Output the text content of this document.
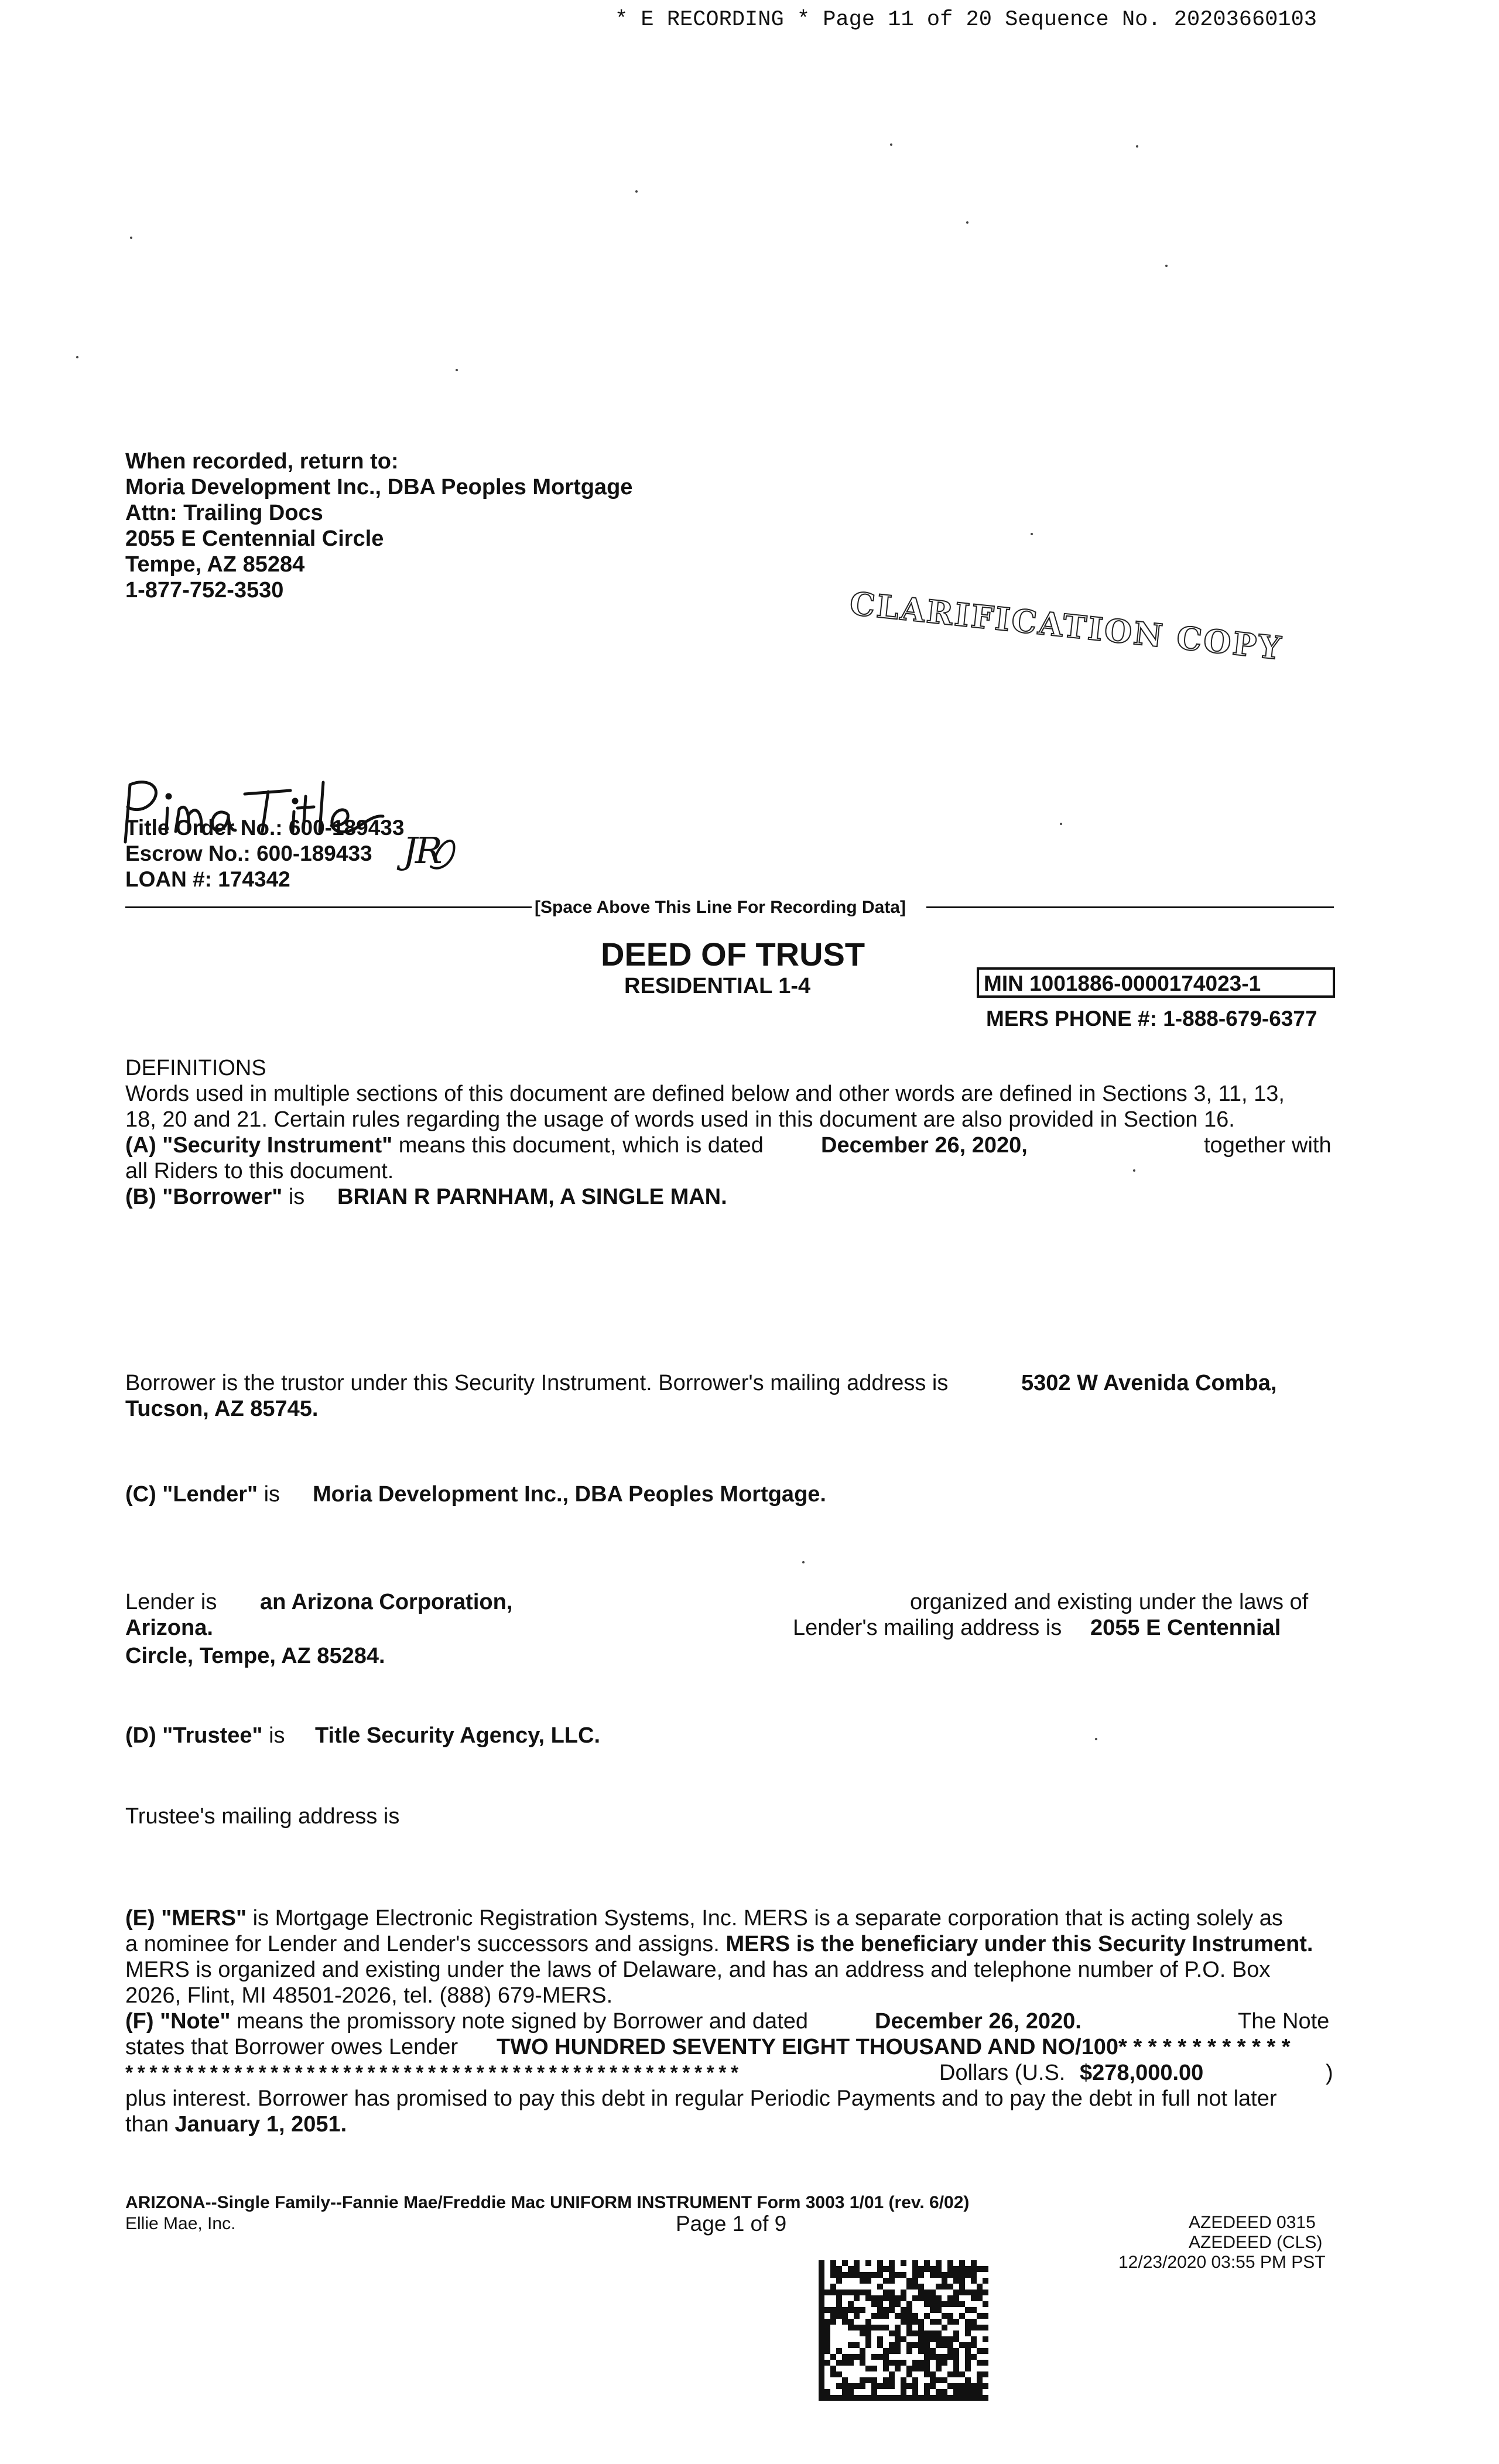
* E RECORDING * Page 11 of 20 Sequence No. 20203660103
When recorded, return to:
Moria Development Inc., DBA Peoples Mortgage
Attn: Trailing Docs
2055 E Centennial Circle
Tempe, AZ 85284
1-877-752-3530	CLARIFICATION COPY
Title Order No.: 600-189433
Escrow No.: 600-189433
LOAN #: 174342
JR
[Space Above This Line For Recording Data]
DEED OF TRUST
RESIDENTIAL 1-4	MIN 1001886-0000174023-1
MERS PHONE #: 1-888-679-6377
DEFINITIONS
Words used in multiple sections of this document are defined below and other words are defined in Sections 3, 11, 13,
18, 20 and 21. Certain rules regarding the usage of words used in this document are also provided in Section 16.
(A) "Security Instrument" means this document, which is dated	December 26, 2020,	together with
all Riders to this document.
(B) "Borrower" is BRIAN R PARNHAM, A SINGLE MAN.
Borrower is the trustor under this Security Instrument. Borrower's mailing address is	5302 W Avenida Comba,
Tucson, AZ 85745.
(C) "Lender" is Moria Development Inc., DBA Peoples Mortgage.
Lender is an Arizona Corporation,	organized and existing under the laws of
Arizona.	Lender's mailing address is 2055 E Centennial
Circle, Tempe, AZ 85284.
(D) "Trustee" is Title Security Agency, LLC.
Trustee's mailing address is
(E) "MERS" is Mortgage Electronic Registration Systems, Inc. MERS is a separate corporation that is acting solely as
a nominee for Lender and Lender's successors and assigns. MERS is the beneficiary under this Security Instrument.
MERS is organized and existing under the laws of Delaware, and has an address and telephone number of P.O. Box
2026, Flint, MI 48501-2026, tel. (888) 679-MERS.
(F) "Note" means the promissory note signed by Borrower and dated	December 26, 2020.	The Note
states that Borrower owes Lender TWO HUNDRED SEVENTY EIGHT THOUSAND AND NO/100* * * * * * * * * * * *
* * * * * * * * * * * * * * * * * * * * * * * * * * * * * * * * * * * * * * * * * * * * * * * * * * *	Dollars (U.S. $278,000.00	)
plus interest. Borrower has promised to pay this debt in regular Periodic Payments and to pay the debt in full not later
than January 1, 2051.
ARIZONA--Single Family--Fannie Mae/Freddie Mac UNIFORM INSTRUMENT Form 3003 1/01 (rev. 6/02)
Ellie Mae, Inc.	Page 1 of 9	AZEDEED 0315
AZEDEED (CLS)
12/23/2020 03:55 PM PST
